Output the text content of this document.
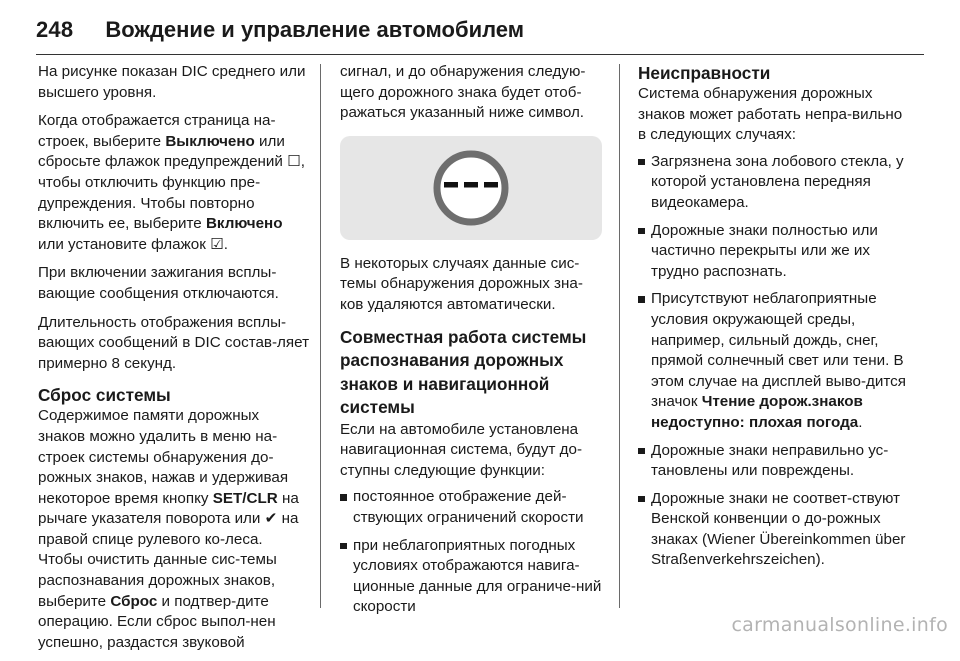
248 Вождение и управление автомобилем

На рисунке показан DIC среднего или высшего уровня.

Когда отображается страница на‐строек, выберите Выключено или сбросьте флажок предупреждений ☐, чтобы отключить функцию пре‐дупреждения. Чтобы повторно включить ее, выберите Включено или установите флажок ☑.

При включении зажигания всплы‐вающие сообщения отключаются.

Длительность отображения всплы‐вающих сообщений в DIC состав‐ляет примерно 8 секунд.

Сброс системы

Содержимое памяти дорожных знаков можно удалить в меню на‐строек системы обнаружения до‐рожных знаков, нажав и удерживая некоторое время кнопку SET/CLR на рычаге указателя поворота или ✔ на правой спице рулевого ко‐леса. Чтобы очистить данные сис‐темы распознавания дорожных знаков, выберите Сброс и подтвер‐дите операцию. Если сброс выпол‐нен успешно, раздастся звуковой

сигнал, и до обнаружения следую‐щего дорожного знака будет отоб‐ражаться указанный ниже символ.

В некоторых случаях данные сис‐темы обнаружения дорожных зна‐ков удаляются автоматически.

Совместная работа системы распознавания дорожных знаков и навигационной системы

Если на автомобиле установлена навигационная система, будут до‐ступны следующие функции:

постоянное отображение дей‐ствующих ограничений скорости
при неблагоприятных погодных условиях отображаются навига‐ционные данные для ограниче‐ний скорости
Неисправности

Система обнаружения дорожных знаков может работать непра‐вильно в следующих случаях:

Загрязнена зона лобового стекла, у которой установлена передняя видеокамера.
Дорожные знаки полностью или частично перекрыты или же их трудно распознать.
Присутствуют неблагоприятные условия окружающей среды, например, сильный дождь, снег, прямой солнечный свет или тени. В этом случае на дисплей выво‐дится значок Чтение дорож.знаков недоступно: плохая погода.
Дорожные знаки неправильно ус‐тановлены или повреждены.
Дорожные знаки не соответ‐ствуют Венской конвенции о до‐рожных знаках (Wiener Übereinkommen über Straßenverkehrszeichen).
carmanualsonline.info
